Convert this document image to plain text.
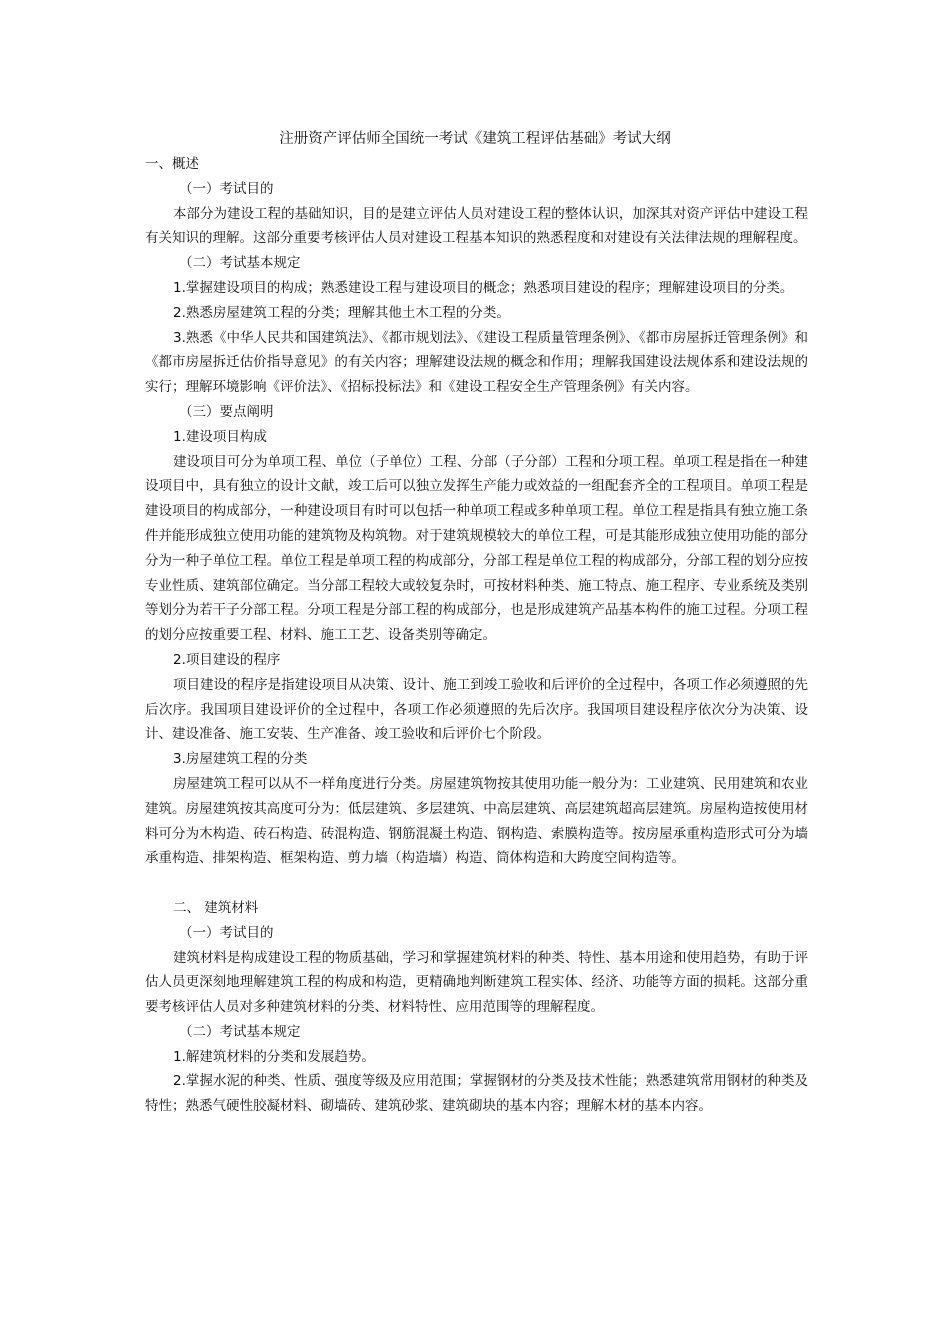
注册资产评估师全国统一考试《建筑工程评估基础》考试大纲

一、概述

（一）考试目的

本部分为建设工程的基础知识，目的是建立评估人员对建设工程的整体认识，加深其对资产评估中建设工程有关知识的理解。这部分重要考核评估人员对建设工程基本知识的熟悉程度和对建设有关法律法规的理解程度。

（二）考试基本规定

1.掌握建设项目的构成；熟悉建设工程与建设项目的概念；熟悉项目建设的程序；理解建设项目的分类。

2.熟悉房屋建筑工程的分类；理解其他土木工程的分类。

3.熟悉《中华人民共和国建筑法》、《都市规划法》、《建设工程质量管理条例》、《都市房屋拆迁管理条例》和《都市房屋拆迁估价指导意见》的有关内容；理解建设法规的概念和作用；理解我国建设法规体系和建设法规的实行；理解环境影响《评价法》、《招标投标法》和《建设工程安全生产管理条例》有关内容。

（三）要点阐明

1.建设项目构成

建设项目可分为单项工程、单位（子单位）工程、分部（子分部）工程和分项工程。单项工程是指在一种建设项目中，具有独立的设计文献，竣工后可以独立发挥生产能力或效益的一组配套齐全的工程项目。单项工程是建设项目的构成部分，一种建设项目有时可以包括一种单项工程或多种单项工程。单位工程是指具有独立施工条件并能形成独立使用功能的建筑物及构筑物。对于建筑规模较大的单位工程，可是其能形成独立使用功能的部分分为一种子单位工程。单位工程是单项工程的构成部分，分部工程是单位工程的构成部分，分部工程的划分应按专业性质、建筑部位确定。当分部工程较大或较复杂时，可按材料种类、施工特点、施工程序、专业系统及类别等划分为若干子分部工程。分项工程是分部工程的构成部分，也是形成建筑产品基本构件的施工过程。分项工程的划分应按重要工程、材料、施工工艺、设备类别等确定。

2.项目建设的程序

项目建设的程序是指建设项目从决策、设计、施工到竣工验收和后评价的全过程中，各项工作必须遵照的先后次序。我国项目建设评价的全过程中，各项工作必须遵照的先后次序。我国项目建设程序依次分为决策、设计、建设准备、施工安装、生产准备、竣工验收和后评价七个阶段。

3.房屋建筑工程的分类

房屋建筑工程可以从不一样角度进行分类。房屋建筑物按其使用功能一般分为：工业建筑、民用建筑和农业建筑。房屋建筑按其高度可分为：低层建筑、多层建筑、中高层建筑、高层建筑超高层建筑。房屋构造按使用材料可分为木构造、砖石构造、砖混构造、钢筋混凝土构造、钢构造、索膜构造等。按房屋承重构造形式可分为墙承重构造、排架构造、框架构造、剪力墙（构造墙）构造、筒体构造和大跨度空间构造等。

二、 建筑材料

（一）考试目的

建筑材料是构成建设工程的物质基础，学习和掌握建筑材料的种类、特性、基本用途和使用趋势，有助于评估人员更深刻地理解建筑工程的构成和构造，更精确地判断建筑工程实体、经济、功能等方面的损耗。这部分重要考核评估人员对多种建筑材料的分类、材料特性、应用范围等的理解程度。

（二）考试基本规定

1.解建筑材料的分类和发展趋势。

2.掌握水泥的种类、性质、强度等级及应用范围；掌握钢材的分类及技术性能；熟悉建筑常用钢材的种类及特性；熟悉气硬性胶凝材料、砌墙砖、建筑砂浆、建筑砌块的基本内容；理解木材的基本内容。
